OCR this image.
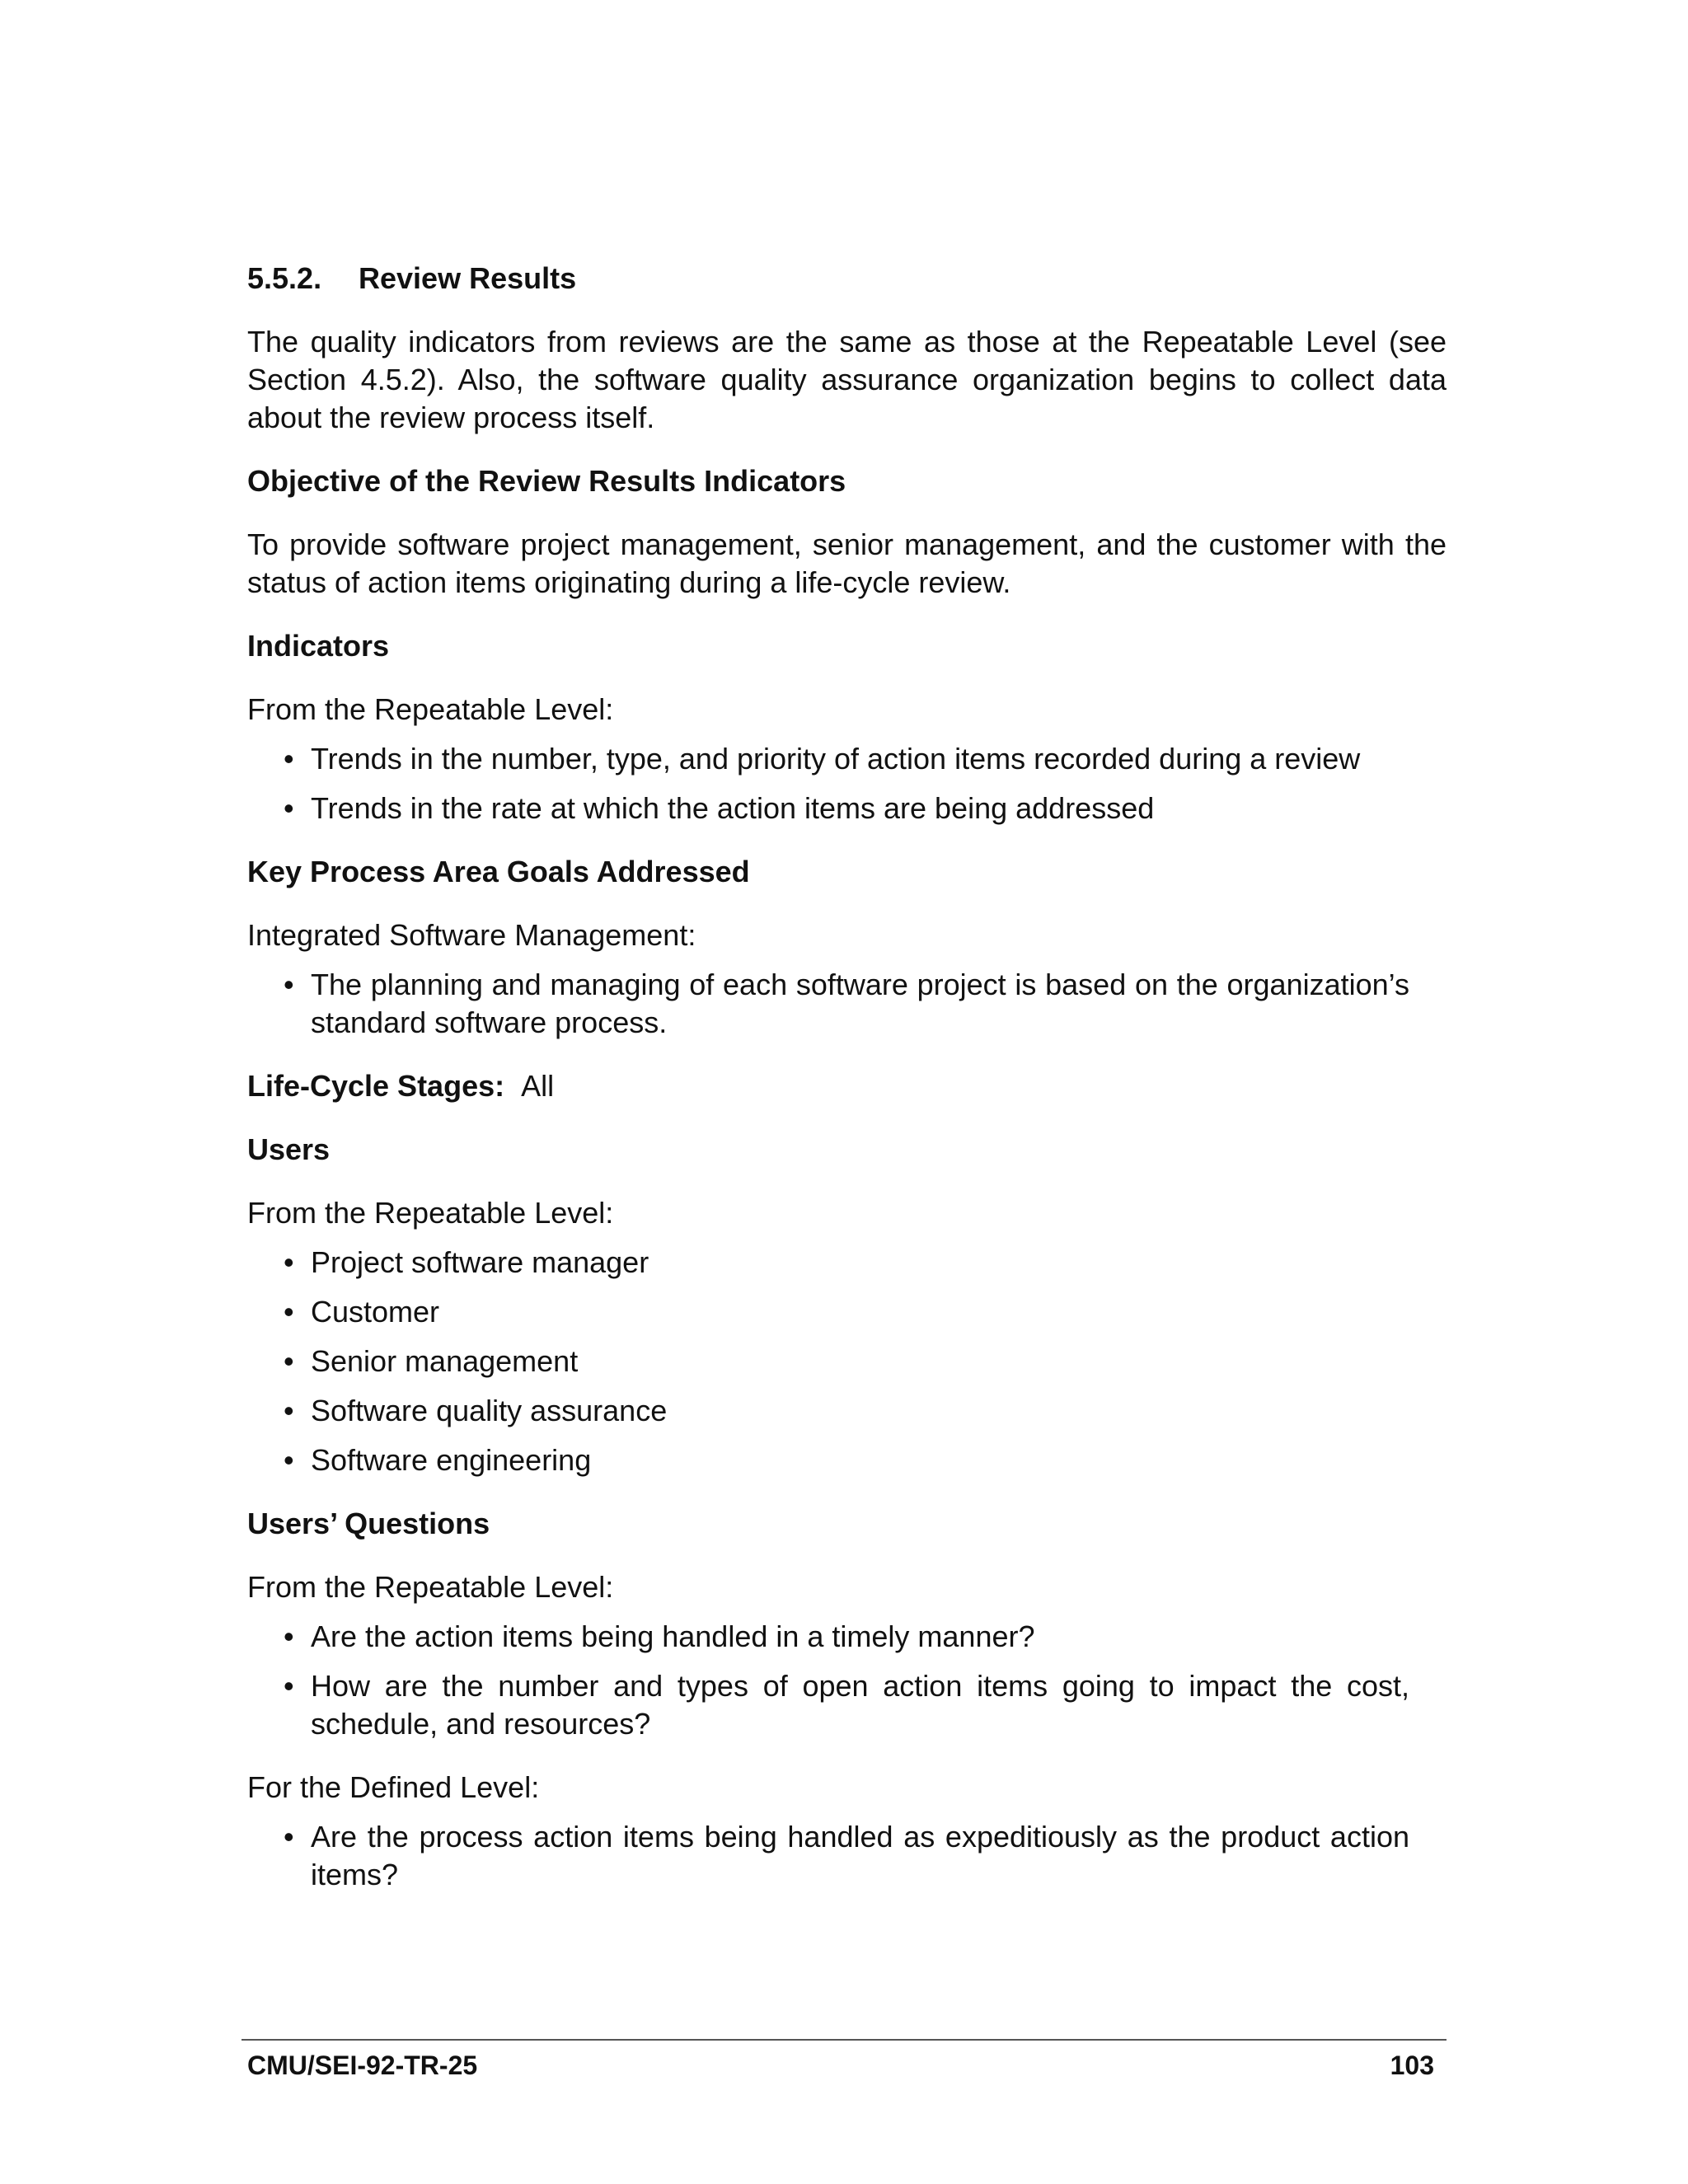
5.5.2.	Review Results

The quality indicators from reviews are the same as those at the Repeatable Level (see Section 4.5.2). Also, the software quality assurance organization begins to collect data about the review process itself.

Objective of the Review Results Indicators

To provide software project management, senior management, and the customer with the status of action items originating during a life-cycle review.

Indicators
From the Repeatable Level:
• Trends in the number, type, and priority of action items recorded during a review
• Trends in the rate at which the action items are being addressed
Key Process Area Goals Addressed
Integrated Software Management:
• The planning and managing of each software project is based on the organization’s standard software process.
Life-Cycle Stages: All
Users
From the Repeatable Level:
• Project software manager
• Customer
• Senior management
• Software quality assurance
• Software engineering
Users’ Questions
From the Repeatable Level:
• Are the action items being handled in a timely manner?
• How are the number and types of open action items going to impact the cost, schedule, and resources?
For the Defined Level:
• Are the process action items being handled as expeditiously as the product action items?
CMU/SEI-92-TR-25	103
